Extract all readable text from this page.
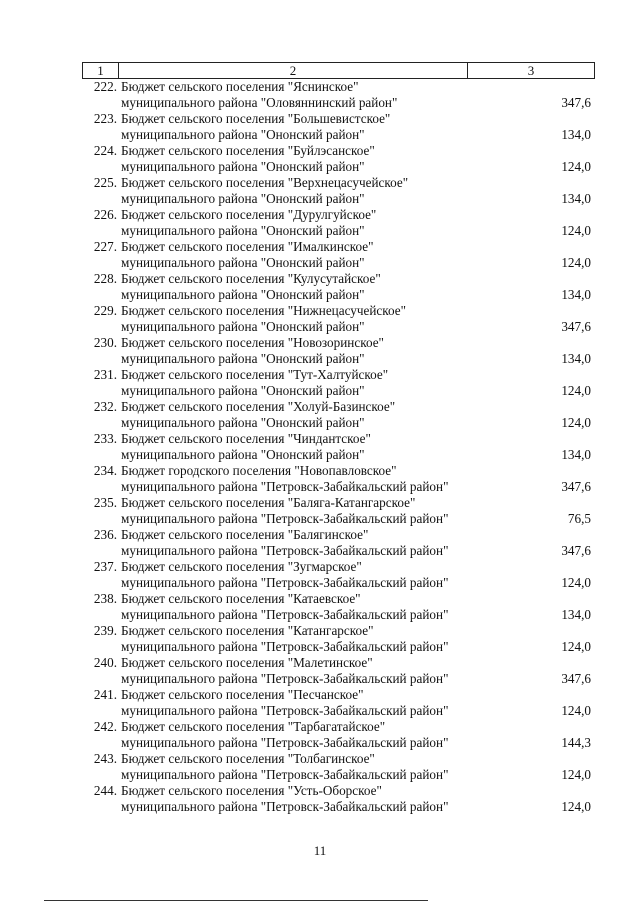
1	2	3
222. Бюджет сельского поселения "Яснинское"
муниципального района "Оловяннинский район"	347,6
223. Бюджет сельского поселения "Большевистское"
муниципального района "Ононский район"	134,0
224. Бюджет сельского поселения "Буйлэсанское"
муниципального района "Ононский район"	124,0
225. Бюджет сельского поселения "Верхнецасучейское"
муниципального района "Ононский район"	134,0
226. Бюджет сельского поселения "Дурулгуйское"
муниципального района "Ононский район"	124,0
227. Бюджет сельского поселения "Ималкинское"
муниципального района "Ононский район"	124,0
228. Бюджет сельского поселения "Кулусутайское"
муниципального района "Ононский район"	134,0
229. Бюджет сельского поселения "Нижнецасучейское"
муниципального района "Ононский район"	347,6
230. Бюджет сельского поселения "Новозоринское"
муниципального района "Ононский район"	134,0
231. Бюджет сельского поселения "Тут-Халтуйское"
муниципального района "Ононский район"	124,0
232. Бюджет сельского поселения "Холуй-Базинское"
муниципального района "Ононский район"	124,0
233. Бюджет сельского поселения "Чиндантское"
муниципального района "Ононский район"	134,0
234. Бюджет городского поселения "Новопавловское"
муниципального района "Петровск-Забайкальский район"	347,6
235. Бюджет сельского поселения "Баляга-Катангарское"
муниципального района "Петровск-Забайкальский район"	76,5
236. Бюджет сельского поселения "Балягинское"
муниципального района "Петровск-Забайкальский район"	347,6
237. Бюджет сельского поселения "Зугмарское"
муниципального района "Петровск-Забайкальский район"	124,0
238. Бюджет сельского поселения "Катаевское"
муниципального района "Петровск-Забайкальский район"	134,0
239. Бюджет сельского поселения "Катангарское"
муниципального района "Петровск-Забайкальский район"	124,0
240. Бюджет сельского поселения "Малетинское"
муниципального района "Петровск-Забайкальский район"	347,6
241. Бюджет сельского поселения "Песчанское"
муниципального района "Петровск-Забайкальский район"	124,0
242. Бюджет сельского поселения "Тарбагатайское"
муниципального района "Петровск-Забайкальский район"	144,3
243. Бюджет сельского поселения "Толбагинское"
муниципального района "Петровск-Забайкальский район"	124,0
244. Бюджет сельского поселения "Усть-Оборское"
муниципального района "Петровск-Забайкальский район"	124,0
11
